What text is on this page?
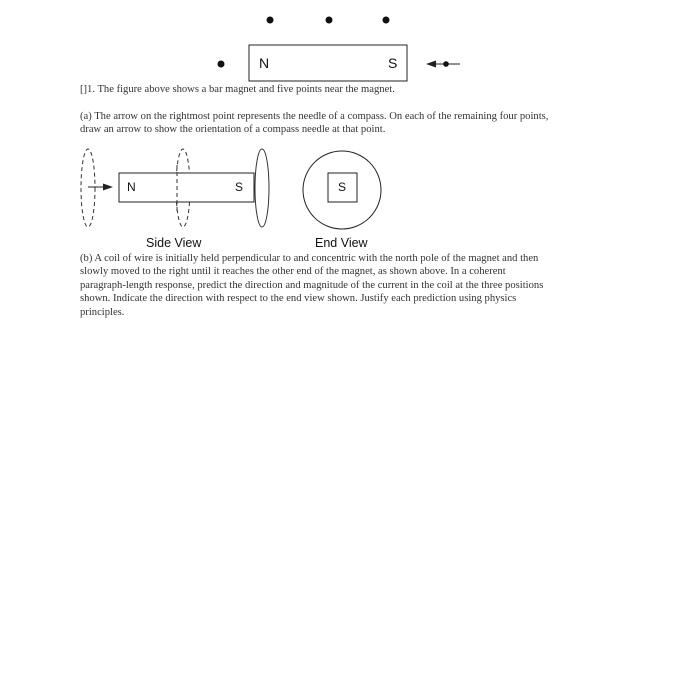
N	S
[]1. The figure above shows a bar magnet and five points near the magnet.
(a) The arrow on the rightmost point represents the needle of a compass. On each of the remaining four points,
draw an arrow to show the orientation of a compass needle at that point.
N	S	S
Side View	End View
(b) A coil of wire is initially held perpendicular to and concentric with the north pole of the magnet and then
slowly moved to the right until it reaches the other end of the magnet, as shown above. In a coherent
paragraph-length response, predict the direction and magnitude of the current in the coil at the three positions
shown. Indicate the direction with respect to the end view shown. Justify each prediction using physics
principles.
